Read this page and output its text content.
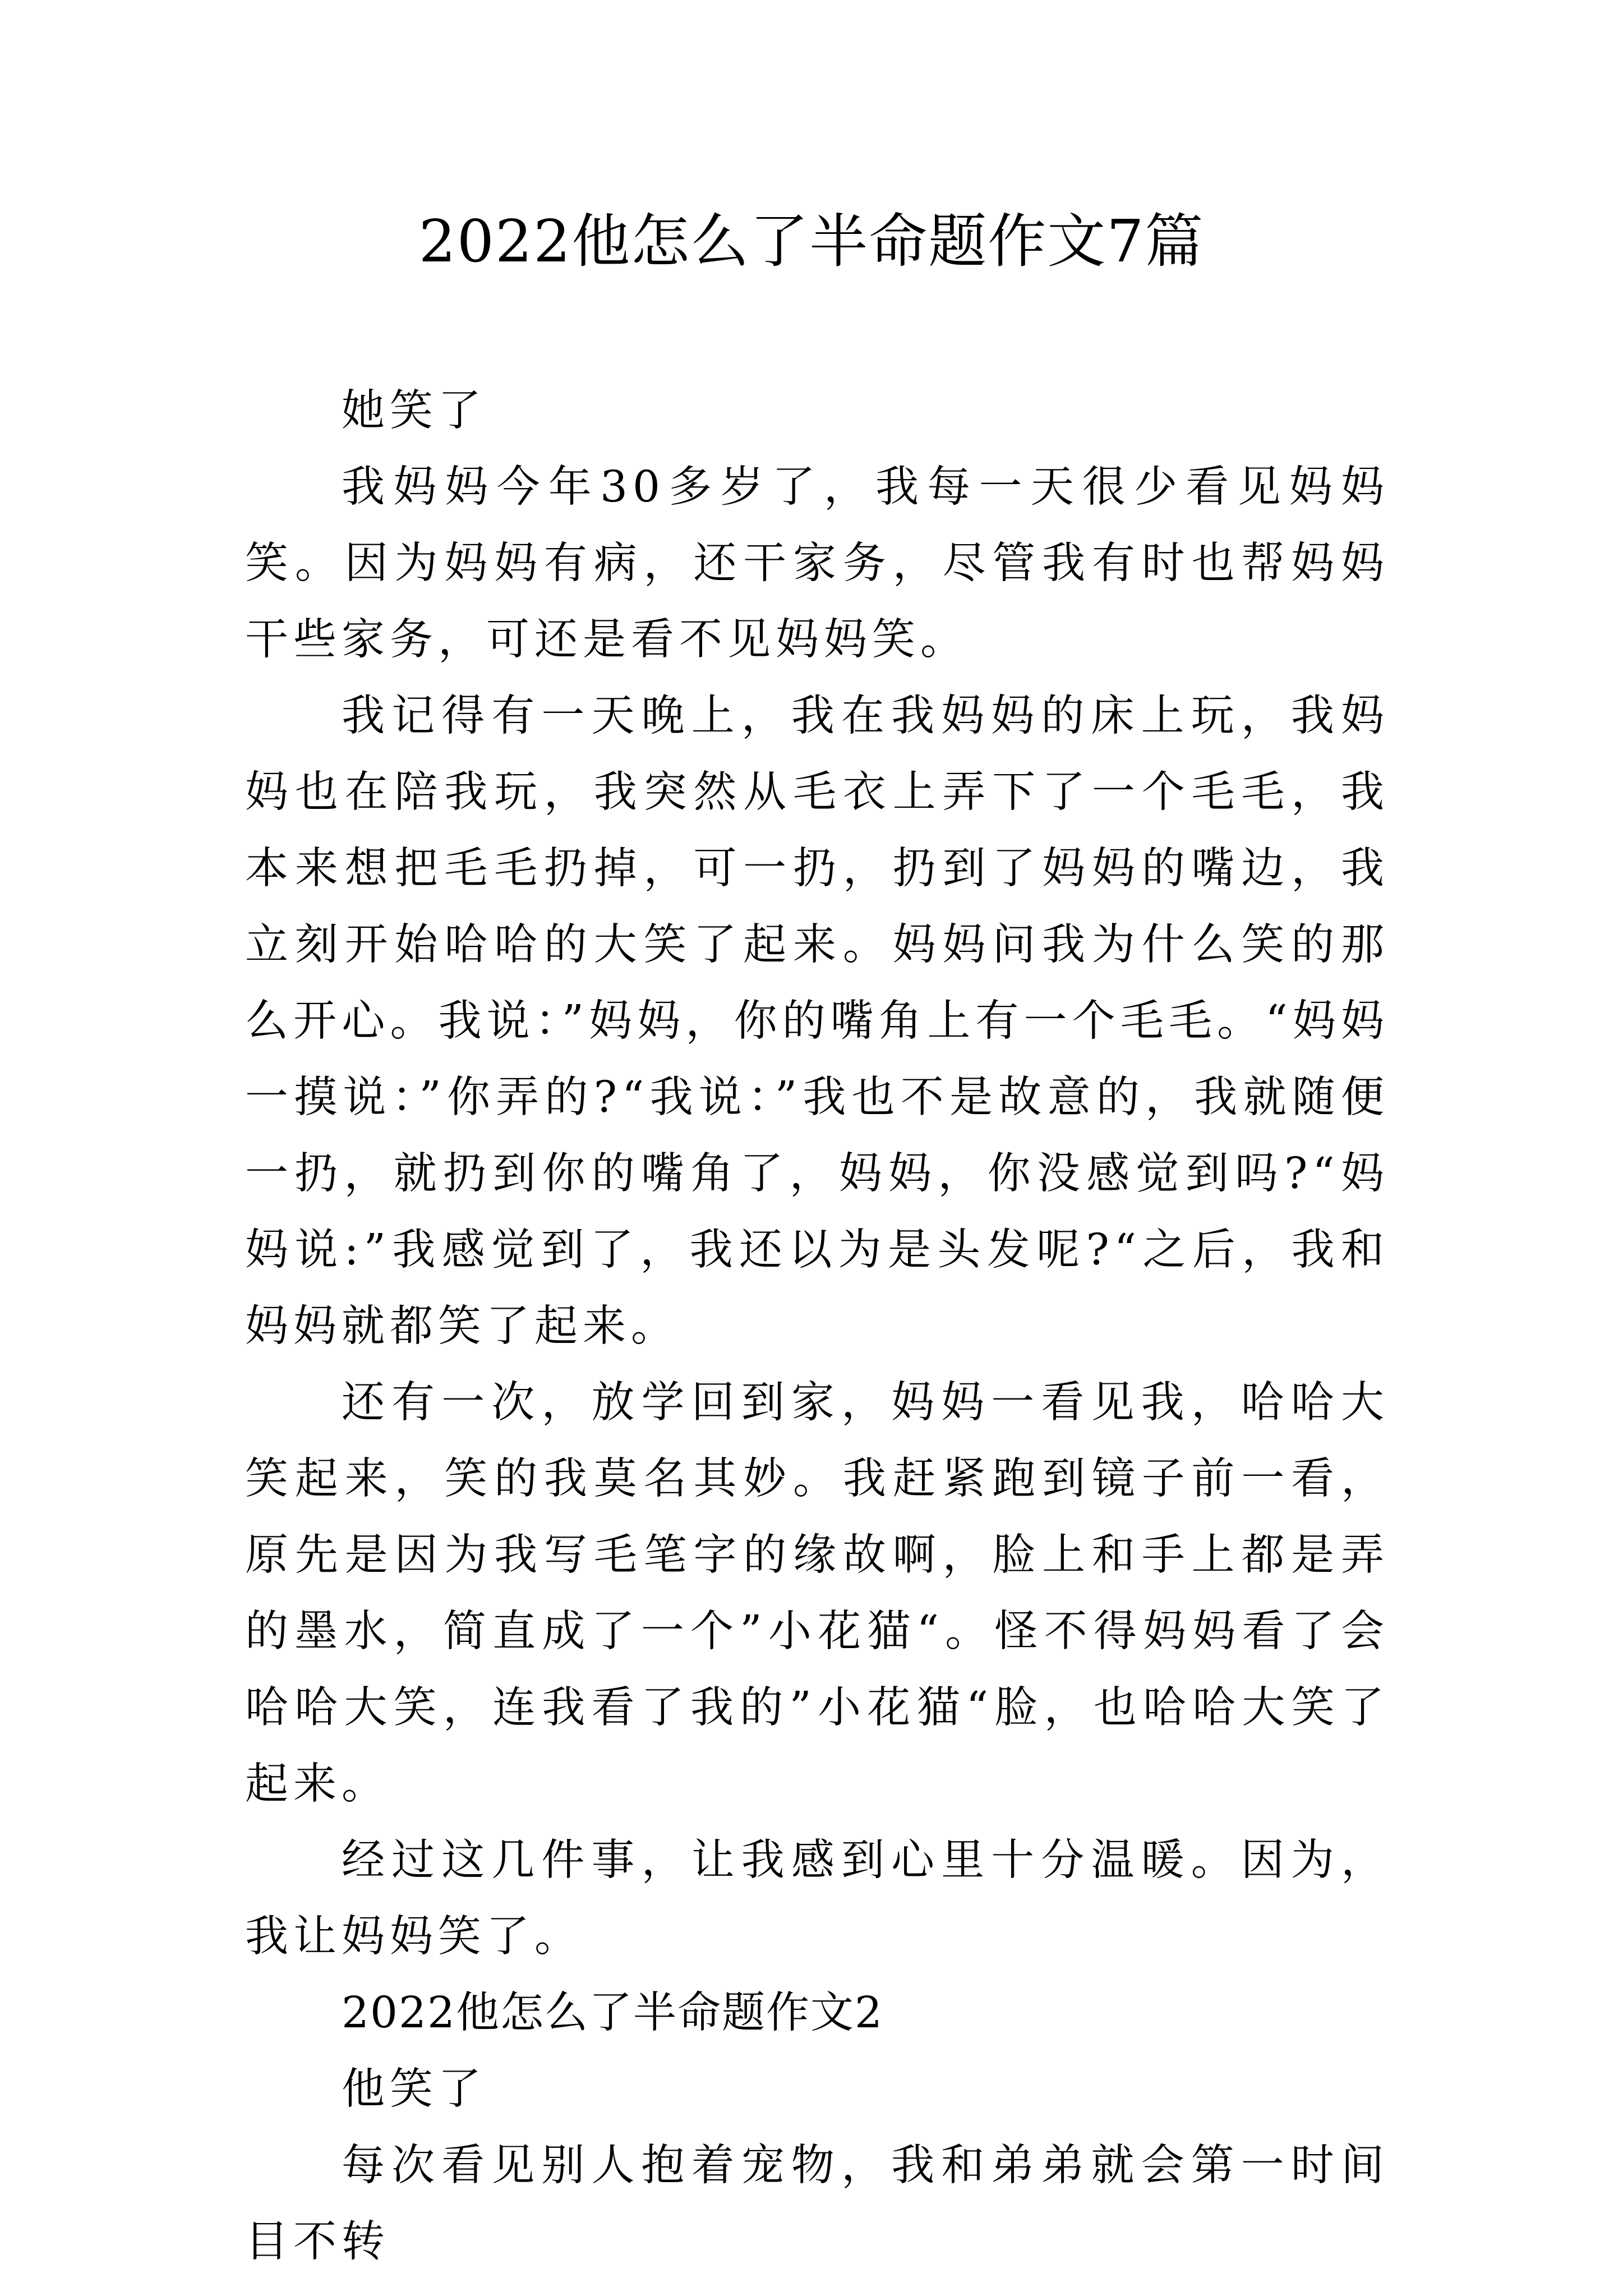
2022他怎么了半命题作文7篇

她笑了

我妈妈今年30多岁了，我每一天很少看见妈妈笑。因为妈妈有病，还干家务，尽管我有时也帮妈妈干些家务，可还是看不见妈妈笑。

我记得有一天晚上，我在我妈妈的床上玩，我妈妈也在陪我玩，我突然从毛衣上弄下了一个毛毛，我本来想把毛毛扔掉，可一扔，扔到了妈妈的嘴边，我立刻开始哈哈的大笑了起来。妈妈问我为什么笑的那么开心。我说：”妈妈，你的嘴角上有一个毛毛。“妈妈一摸说：”你弄的?“我说：”我也不是故意的，我就随便一扔，就扔到你的嘴角了，妈妈，你没感觉到吗?“妈妈说:”我感觉到了，我还以为是头发呢?“之后，我和妈妈就都笑了起来。

还有一次，放学回到家，妈妈一看见我，哈哈大笑起来，笑的我莫名其妙。我赶紧跑到镜子前一看，原先是因为我写毛笔字的缘故啊，脸上和手上都是弄的墨水，简直成了一个”小花猫“。怪不得妈妈看了会哈哈大笑，连我看了我的”小花猫“脸，也哈哈大笑了起来。

经过这几件事，让我感到心里十分温暖。因为，我让妈妈笑了。

2022他怎么了半命题作文2

他笑了

每次看见别人抱着宠物，我和弟弟就会第一时间目不转
